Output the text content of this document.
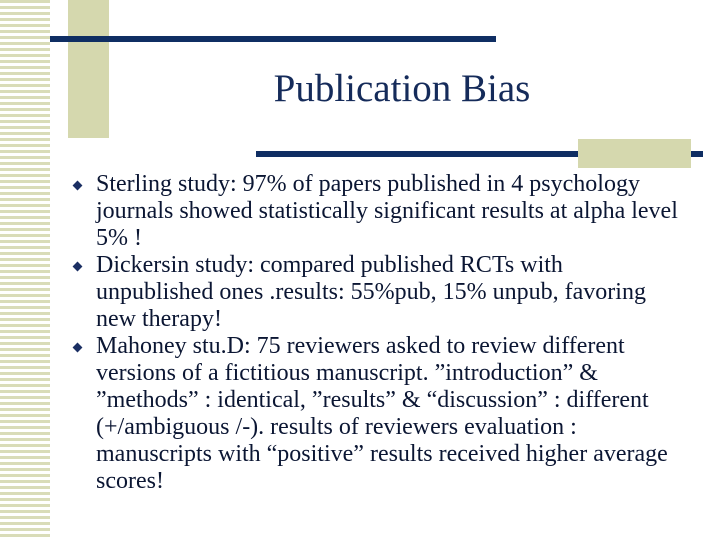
Publication Bias
Sterling study: 97% of papers published in 4 psychology journals showed statistically significant results at alpha level 5% !
Dickersin study: compared published RCTs with unpublished ones .results: 55%pub, 15% unpub, favoring new therapy!
Mahoney stu.D: 75 reviewers asked to review different versions of a fictitious manuscript. ”introduction” & ”methods” : identical, ”results” & “discussion” : different (+/ambiguous /-). results of reviewers evaluation : manuscripts with “positive” results received higher average scores!
